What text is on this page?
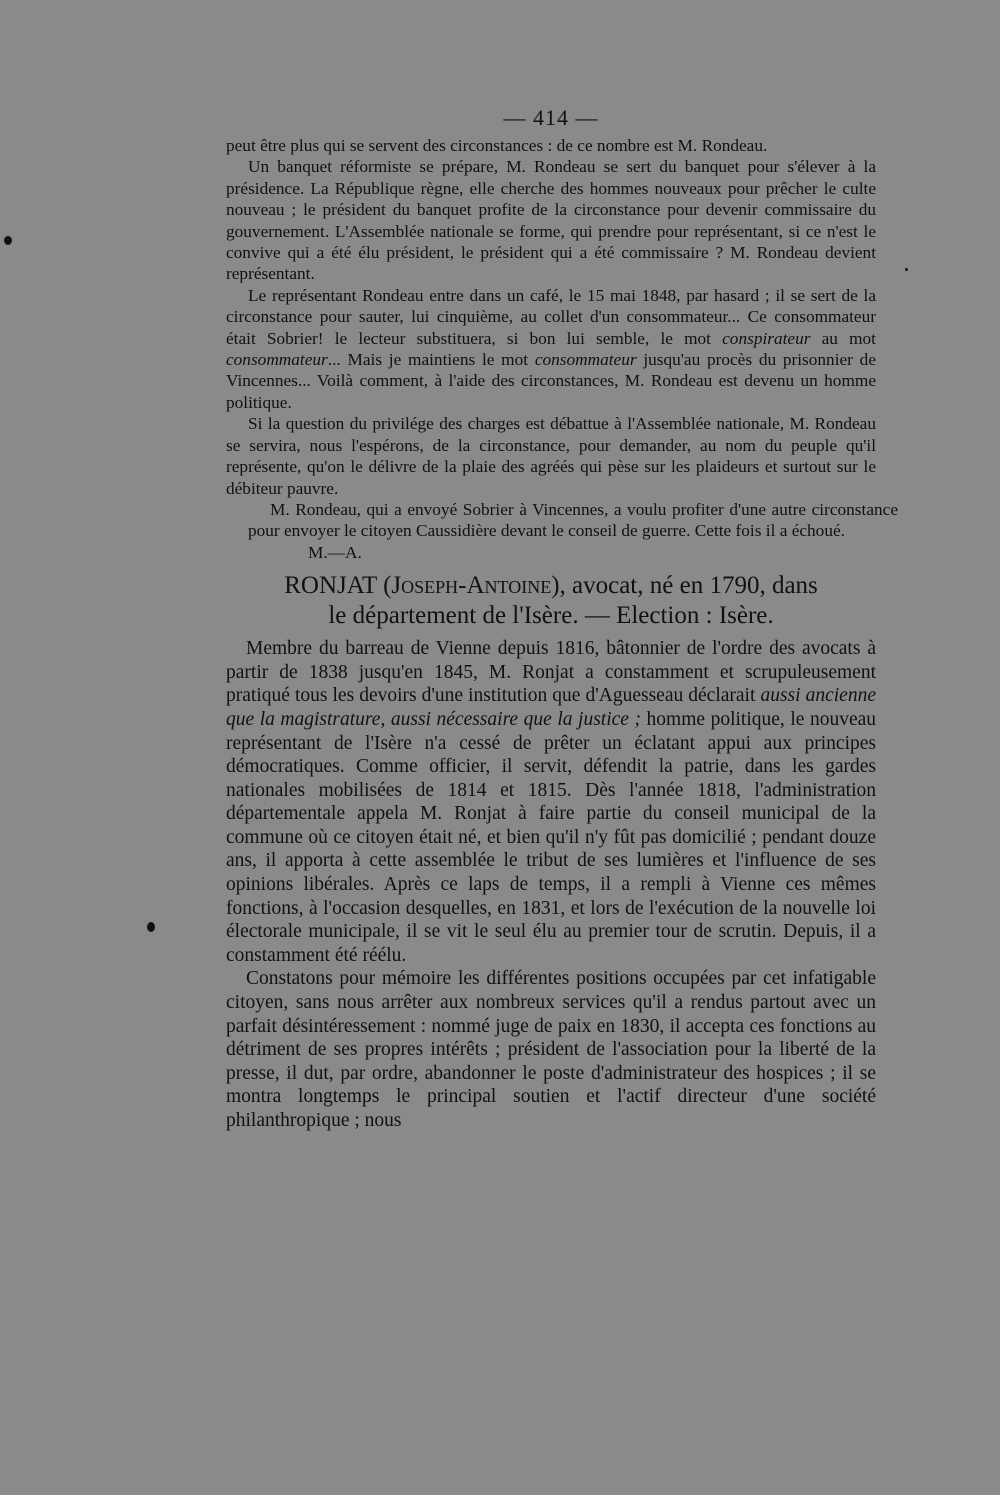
— 414 —

peut être plus qui se servent des circonstances : de ce nombre est M. Rondeau.

Un banquet réformiste se prépare, M. Rondeau se sert du banquet pour s'élever à la présidence. La République règne, elle cherche des hommes nouveaux pour prêcher le culte nouveau ; le président du banquet profite de la circonstance pour devenir commissaire du gouvernement. L'Assemblée nationale se forme, qui prendre pour représentant, si ce n'est le convive qui a été élu président, le président qui a été commissaire ? M. Rondeau devient représentant.

Le représentant Rondeau entre dans un café, le 15 mai 1848, par hasard ; il se sert de la circonstance pour sauter, lui cinquième, au collet d'un consommateur... Ce consommateur était Sobrier! le lecteur substituera, si bon lui semble, le mot conspirateur au mot consommateur... Mais je maintiens le mot consommateur jusqu'au procès du prisonnier de Vincennes... Voilà comment, à l'aide des circonstances, M. Rondeau est devenu un homme politique.

Si la question du privilége des charges est débattue à l'Assemblée nationale, M. Rondeau se servira, nous l'espérons, de la circonstance, pour demander, au nom du peuple qu'il représente, qu'on le délivre de la plaie des agréés qui pèse sur les plaideurs et surtout sur le débiteur pauvre.

M. Rondeau, qui a envoyé Sobrier à Vincennes, a voulu profiter d'une autre circonstance pour envoyer le citoyen Caussidière devant le conseil de guerre. Cette fois il a échoué.M.—A.

RONJAT (Joseph-Antoine), avocat, né en 1790, dans
le département de l'Isère. — Election : Isère.

Membre du barreau de Vienne depuis 1816, bâtonnier de l'ordre des avocats à partir de 1838 jusqu'en 1845, M. Ronjat a constamment et scrupuleusement pratiqué tous les devoirs d'une institution que d'Aguesseau déclarait aussi ancienne que la magistrature, aussi nécessaire que la justice ; homme politique, le nouveau représentant de l'Isère n'a cessé de prêter un éclatant appui aux principes démocratiques. Comme officier, il servit, défendit la patrie, dans les gardes nationales mobilisées de 1814 et 1815. Dès l'année 1818, l'administration départementale appela M. Ronjat à faire partie du conseil municipal de la commune où ce citoyen était né, et bien qu'il n'y fût pas domicilié ; pendant douze ans, il apporta à cette assemblée le tribut de ses lumières et l'influence de ses opinions libérales. Après ce laps de temps, il a rempli à Vienne ces mêmes fonctions, à l'occasion desquelles, en 1831, et lors de l'exécution de la nouvelle loi électorale municipale, il se vit le seul élu au premier tour de scrutin. Depuis, il a constamment été réélu.

Constatons pour mémoire les différentes positions occupées par cet infatigable citoyen, sans nous arrêter aux nombreux services qu'il a rendus partout avec un parfait désintéressement : nommé juge de paix en 1830, il accepta ces fonctions au détriment de ses propres intérêts ; président de l'association pour la liberté de la presse, il dut, par ordre, abandonner le poste d'administrateur des hospices ; il se montra longtemps le principal soutien et l'actif directeur d'une société philanthropique ; nous
